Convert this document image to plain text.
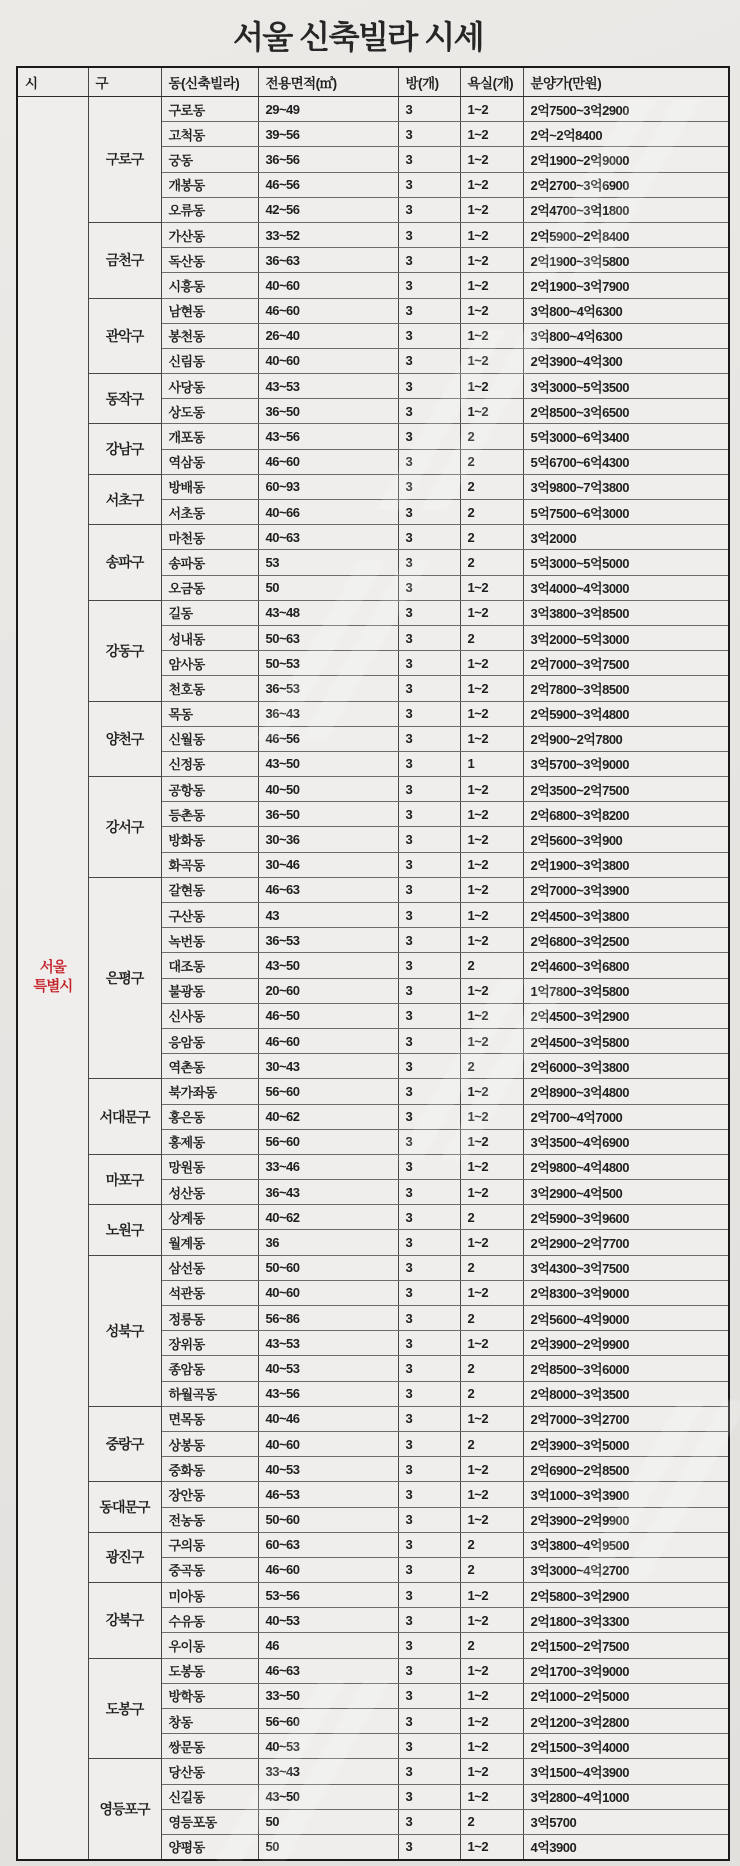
서울 신축빌라 시세
시	구	동(신축빌라)	전용면적(㎡)	방(개)	욕실(개)	분양가(만원)
서울
특별시	구로구	구로동	29~49	3	1~2	2억7500~3억2900
		고척동	39~56	3	1~2	2억~2억8400
		궁동	36~56	3	1~2	2억1900~2억9000
		개봉동	46~56	3	1~2	2억2700~3억6900
		오류동	42~56	3	1~2	2억4700~3억1800
	금천구	가산동	33~52	3	1~2	2억5900~2억8400
		독산동	36~63	3	1~2	2억1900~3억5800
		시흥동	40~60	3	1~2	2억1900~3억7900
	관악구	남현동	46~60	3	1~2	3억800~4억6300
		봉천동	26~40	3	1~2	3억800~4억6300
		신림동	40~60	3	1~2	2억3900~4억300
	동작구	사당동	43~53	3	1~2	3억3000~5억3500
		상도동	36~50	3	1~2	2억8500~3억6500
	강남구	개포동	43~56	3	2	5억3000~6억3400
		역삼동	46~60	3	2	5억6700~6억4300
	서초구	방배동	60~93	3	2	3억9800~7억3800
		서초동	40~66	3	2	5억7500~6억3000
	송파구	마천동	40~63	3	2	3억2000
		송파동	53	3	2	5억3000~5억5000
		오금동	50	3	1~2	3억4000~4억3000
	강동구	길동	43~48	3	1~2	3억3800~3억8500
		성내동	50~63	3	2	3억2000~5억3000
		암사동	50~53	3	1~2	2억7000~3억7500
		천호동	36~53	3	1~2	2억7800~3억8500
	양천구	목동	36~43	3	1~2	2억5900~3억4800
		신월동	46~56	3	1~2	2억900~2억7800
		신정동	43~50	3	1	3억5700~3억9000
	강서구	공항동	40~50	3	1~2	2억3500~2억7500
		등촌동	36~50	3	1~2	2억6800~3억8200
		방화동	30~36	3	1~2	2억5600~3억900
		화곡동	30~46	3	1~2	2억1900~3억3800
	은평구	갈현동	46~63	3	1~2	2억7000~3억3900
		구산동	43	3	1~2	2억4500~3억3800
		녹번동	36~53	3	1~2	2억6800~3억2500
		대조동	43~50	3	2	2억4600~3억6800
		불광동	20~60	3	1~2	1억7800~3억5800
		신사동	46~50	3	1~2	2억4500~3억2900
		응암동	46~60	3	1~2	2억4500~3억5800
		역촌동	30~43	3	2	2억6000~3억3800
	서대문구	북가좌동	56~60	3	1~2	2억8900~3억4800
		홍은동	40~62	3	1~2	2억700~4억7000
		홍제동	56~60	3	1~2	3억3500~4억6900
	마포구	망원동	33~46	3	1~2	2억9800~4억4800
		성산동	36~43	3	1~2	3억2900~4억500
	노원구	상계동	40~62	3	2	2억5900~3억9600
		월계동	36	3	1~2	2억2900~2억7700
	성북구	삼선동	50~60	3	2	3억4300~3억7500
		석관동	40~60	3	1~2	2억8300~3억9000
		정릉동	56~86	3	2	2억5600~4억9000
		장위동	43~53	3	1~2	2억3900~2억9900
		종암동	40~53	3	2	2억8500~3억6000
		하월곡동	43~56	3	2	2억8000~3억3500
	중랑구	면목동	40~46	3	1~2	2억7000~3억2700
		상봉동	40~60	3	2	2억3900~3억5000
		중화동	40~53	3	1~2	2억6900~2억8500
	동대문구	장안동	46~53	3	1~2	3억1000~3억3900
		전농동	50~60	3	1~2	2억3900~2억9900
	광진구	구의동	60~63	3	2	3억3800~4억9500
		중곡동	46~60	3	2	3억3000~4억2700
	강북구	미아동	53~56	3	1~2	2억5800~3억2900
		수유동	40~53	3	1~2	2억1800~3억3300
		우이동	46	3	2	2억1500~2억7500
	도봉구	도봉동	46~63	3	1~2	2억1700~3억9000
		방학동	33~50	3	1~2	2억1000~2억5000
		창동	56~60	3	1~2	2억1200~3억2800
		쌍문동	40~53	3	1~2	2억1500~3억4000
	영등포구	당산동	33~43	3	1~2	3억1500~4억3900
		신길동	43~50	3	1~2	3억2800~4억1000
		영등포동	50	3	2	3억5700
		양평동	50	3	1~2	4억3900
